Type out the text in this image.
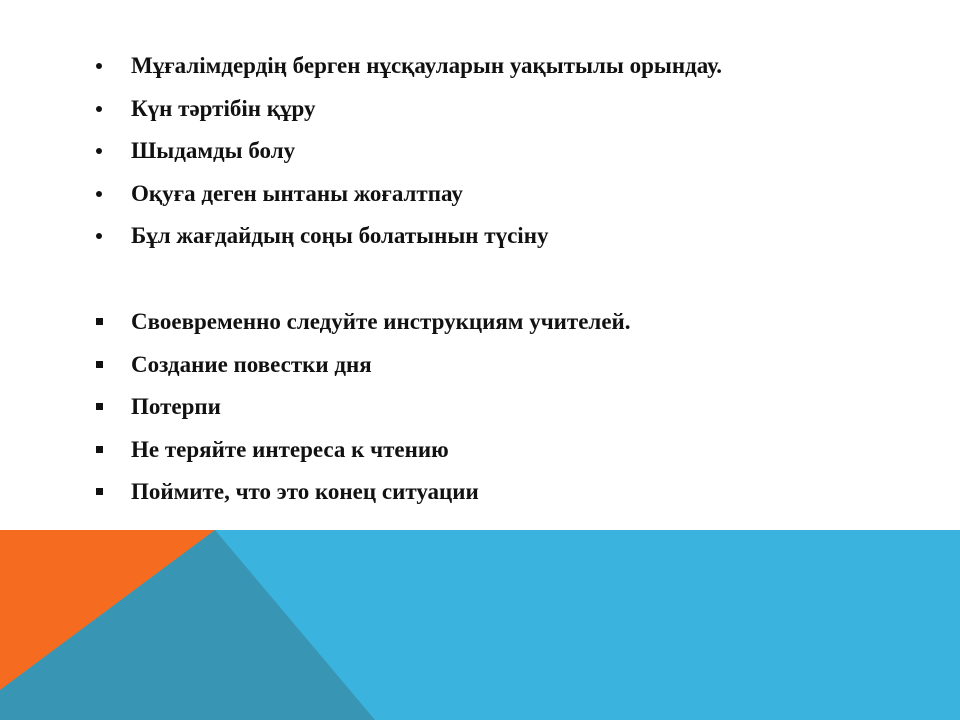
Мұғалімдердің берген нұсқауларын уақытылы орындау.
Күн тәртібін құру
Шыдамды болу
Оқуға деген ынтаны жоғалтпау
Бұл жағдайдың соңы болатынын түсіну
Своевременно следуйте инструкциям учителей.
Создание повестки дня
Потерпи
Не теряйте интереса к чтению
Поймите, что это конец ситуации
